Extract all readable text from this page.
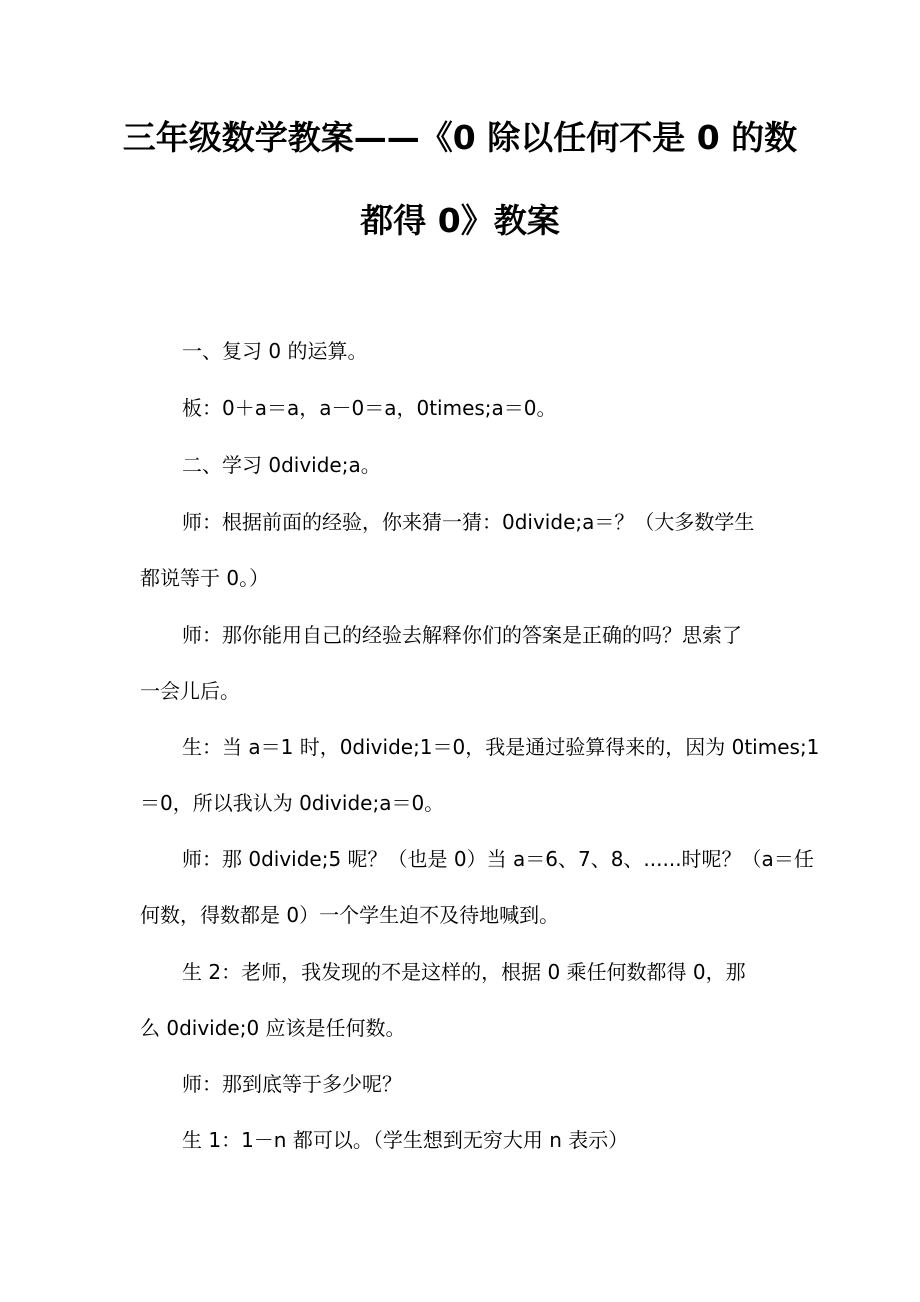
三年级数学教案——《0 除以任何不是 0 的数
都得 0》教案
一、复习 0 的运算。
板：0＋a＝a，a－0＝a，0times;a＝0。
二、学习 0divide;a。
师：根据前面的经验，你来猜一猜：0divide;a＝？（大多数学生
都说等于 0。）
师：那你能用自己的经验去解释你们的答案是正确的吗？思索了
一会儿后。
生：当 a＝1 时，0divide;1＝0，我是通过验算得来的，因为 0times;1
＝0，所以我认为 0divide;a＝0。
师：那 0divide;5 呢？（也是 0）当 a＝6、7、8、......时呢？（a＝任
何数，得数都是 0）一个学生迫不及待地喊到。
生 2：老师，我发现的不是这样的，根据 0 乘任何数都得 0，那
么 0divide;0 应该是任何数。
师：那到底等于多少呢？
生 1：1－n 都可以。（学生想到无穷大用 n 表示）
